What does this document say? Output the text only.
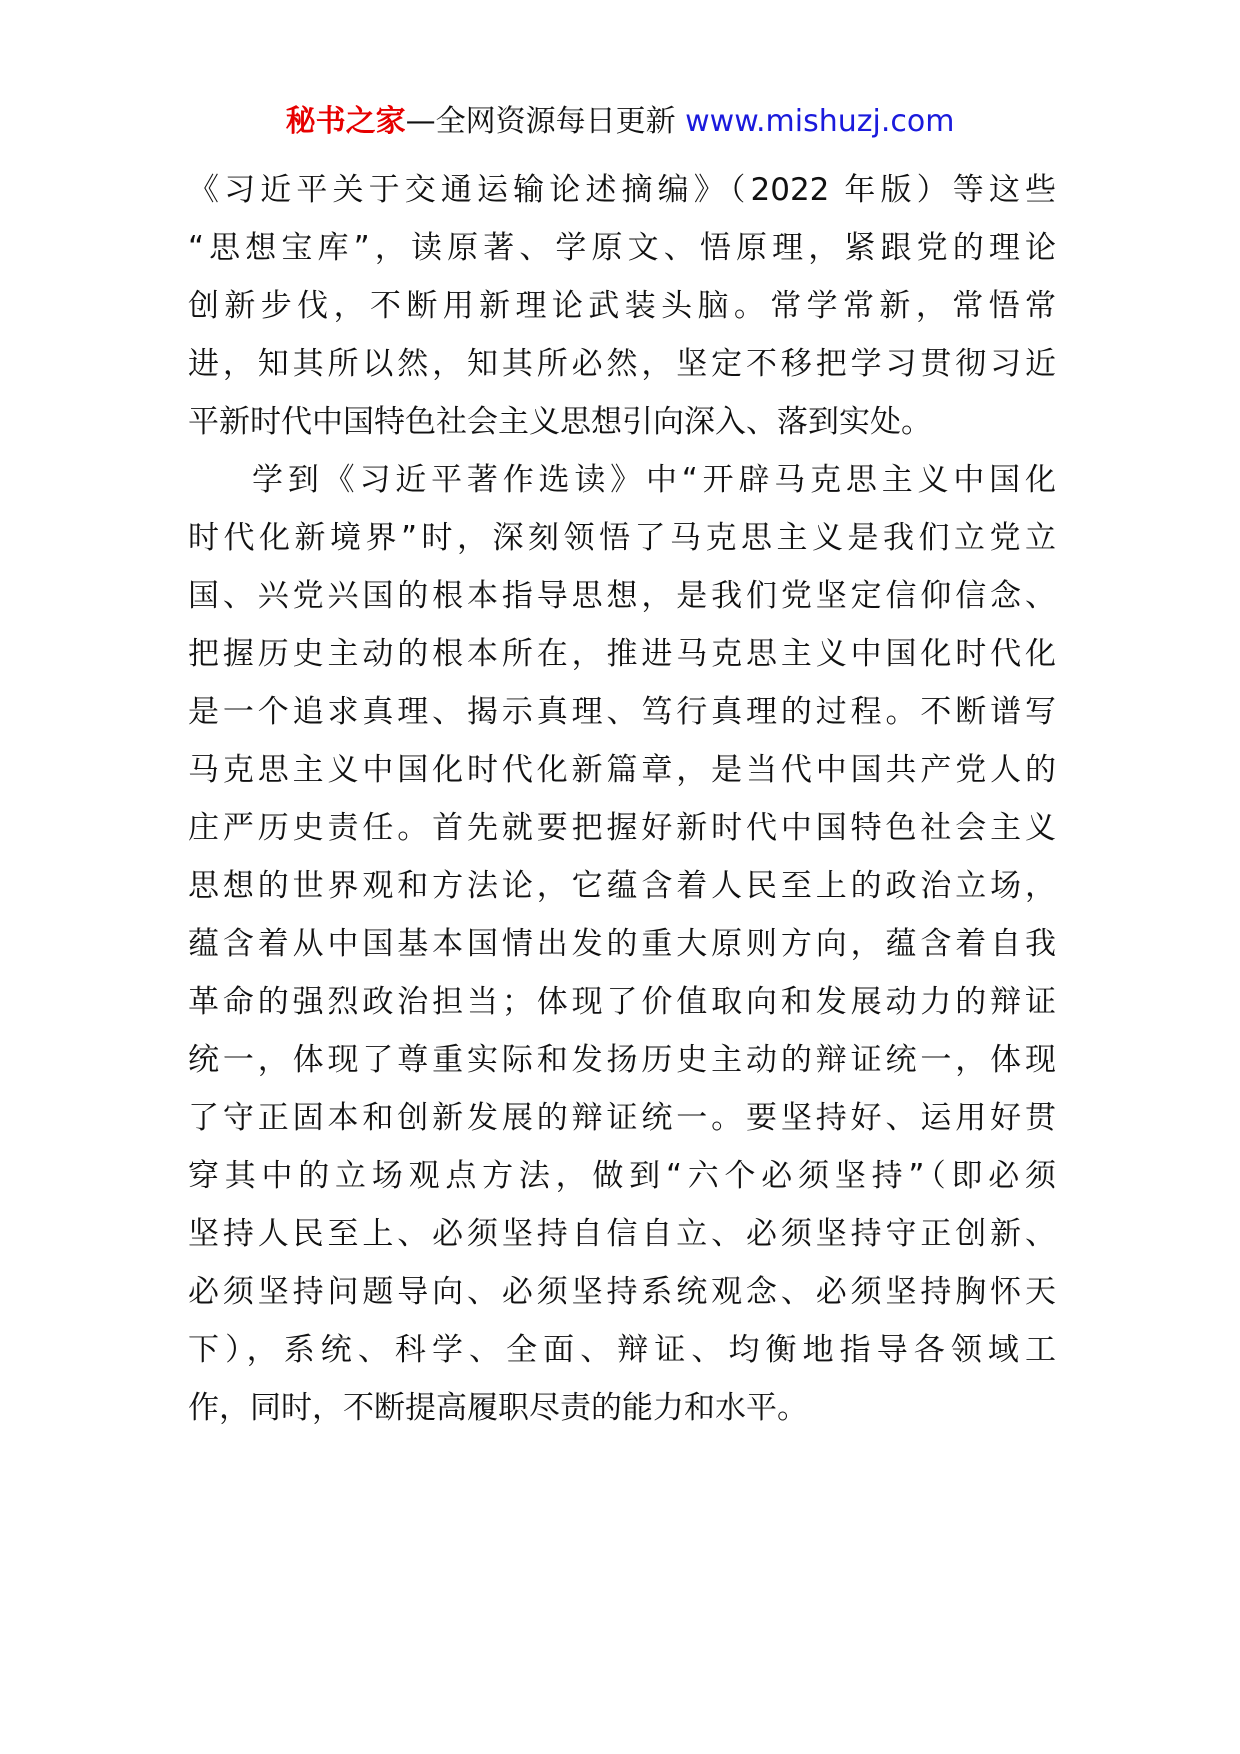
秘书之家—全网资源每日更新 www.mishuzj.com
《习近平关于交通运输论述摘编》（2022 年版）等这些
“思想宝库”，读原著、学原文、悟原理，紧跟党的理论
创新步伐，不断用新理论武装头脑。常学常新，常悟常
进，知其所以然，知其所必然，坚定不移把学习贯彻习近
平新时代中国特色社会主义思想引向深入、落到实处。
学到《习近平著作选读》中“开辟马克思主义中国化
时代化新境界”时，深刻领悟了马克思主义是我们立党立
国、兴党兴国的根本指导思想，是我们党坚定信仰信念、
把握历史主动的根本所在，推进马克思主义中国化时代化
是一个追求真理、揭示真理、笃行真理的过程。不断谱写
马克思主义中国化时代化新篇章，是当代中国共产党人的
庄严历史责任。首先就要把握好新时代中国特色社会主义
思想的世界观和方法论，它蕴含着人民至上的政治立场，
蕴含着从中国基本国情出发的重大原则方向，蕴含着自我
革命的强烈政治担当；体现了价值取向和发展动力的辩证
统一，体现了尊重实际和发扬历史主动的辩证统一，体现
了守正固本和创新发展的辩证统一。要坚持好、运用好贯
穿其中的立场观点方法，做到“六个必须坚持”（即必须
坚持人民至上、必须坚持自信自立、必须坚持守正创新、
必须坚持问题导向、必须坚持系统观念、必须坚持胸怀天
下），系统、科学、全面、辩证、均衡地指导各领域工
作，同时，不断提高履职尽责的能力和水平。
